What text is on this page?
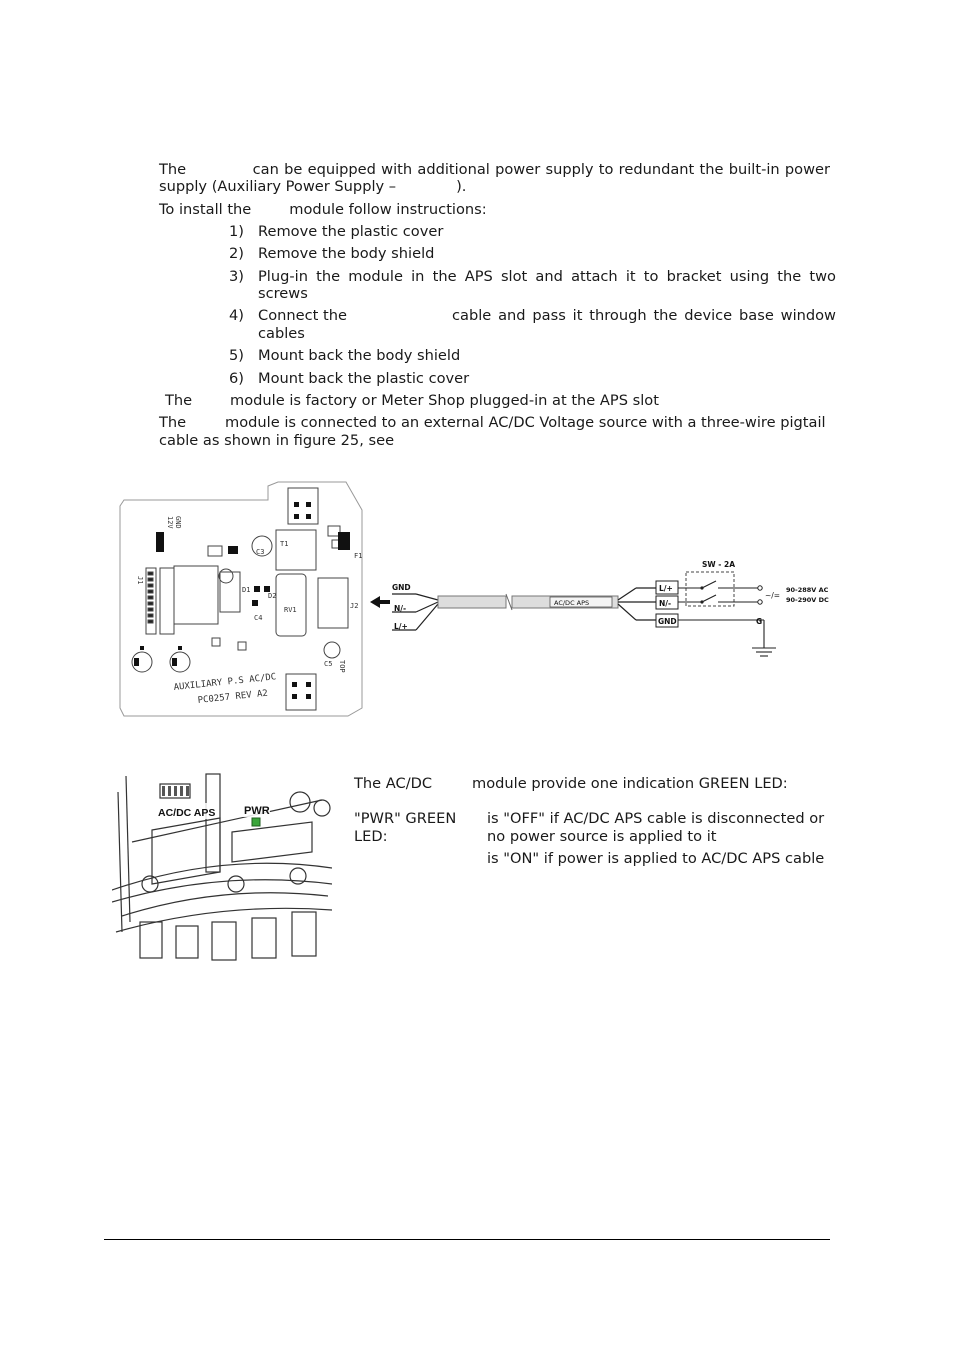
The	can be equipped with additional power supply to redundant the built-in power
supply (Auxiliary Power Supply –	).
To install the	module follow instructions:
1) Remove the plastic cover
2) Remove the body shield
3) Plug-in the module in the APS slot and attach it to bracket using the two
screws
4) Connect the	cable and pass it through the device base window
cables
5) Mount back the body shield
6) Mount back the plastic cover
The	module is factory or Meter Shop plugged-in at the APS slot
The	module is connected to an external AC/DC Voltage source with a three-wire pigtail
cable as shown in figure 25, see
AUXILIARY P.S AC/DC
PC0257 REV A2
12V GND
J1
C3	F1
T1
D1
D2
C4
TOP
RV1
C5
J2
GND
N/-
L/+
AC/DC APS
L/+
N/-
GND
SW - 2A
90-288V AC
90-290V DC
~/=
G
AC/DC APS	PWR
The AC/DC	module provide one indication GREEN LED:
"PWR" GREEN
LED:
is "OFF" if AC/DC APS cable is disconnected or
no power source is applied to it
is "ON" if power is applied to AC/DC APS cable
